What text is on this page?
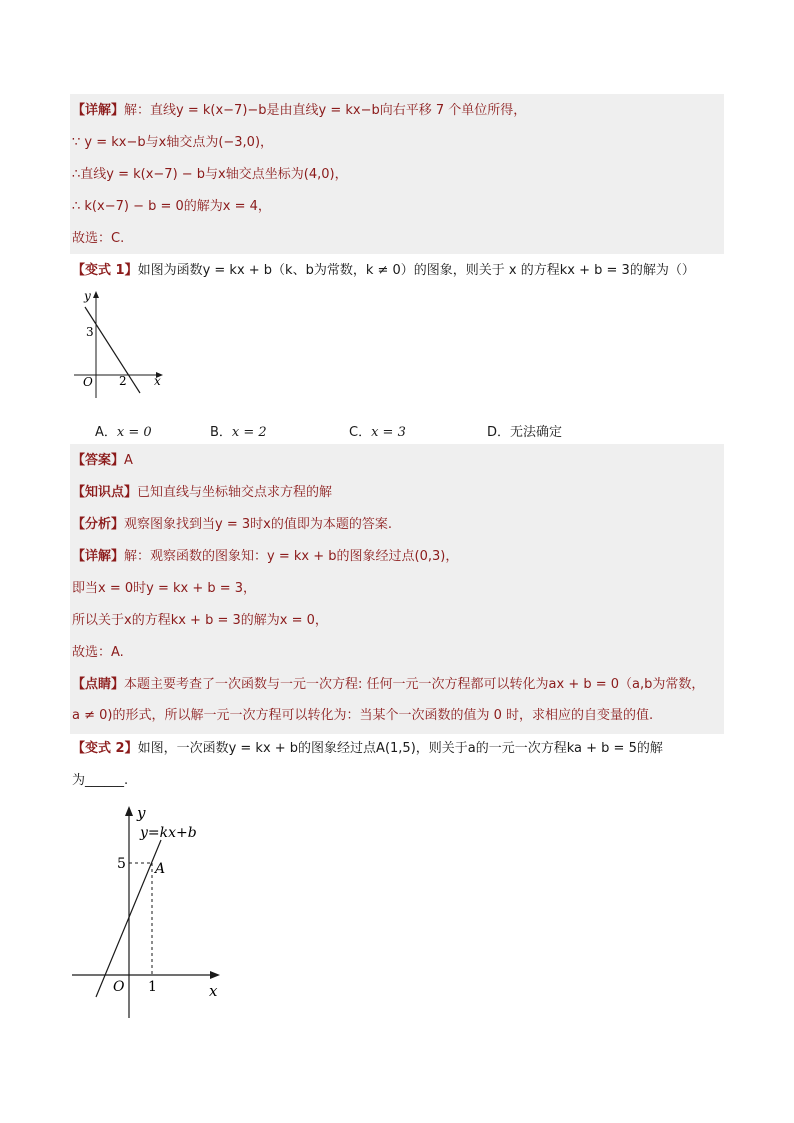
【详解】解：直线y = k(x−7)−b是由直线y = kx−b向右平移 7 个单位所得，
∵ y = kx−b与x轴交点为(−3,0)，
∴直线y = k(x−7) − b与x轴交点坐标为(4,0)，
∴ k(x−7) − b = 0的解为x = 4，
故选：C.
【变式 1】如图为函数y = kx + b（k、b为常数，k ≠ 0）的图象，则关于 x 的方程kx + b = 3的解为（）
y
x
O
3
2
A．x = 0	B．x = 2	C．x = 3	D．无法确定
【答案】A
【知识点】已知直线与坐标轴交点求方程的解
【分析】观察图象找到当y = 3时x的值即为本题的答案.
【详解】解：观察函数的图象知：y = kx + b的图象经过点(0,3)，
即当x = 0时y = kx + b = 3，
所以关于x的方程kx + b = 3的解为x = 0，
故选：A.
【点睛】本题主要考查了一次函数与一元一次方程: 任何一元一次方程都可以转化为ax + b = 0（a,b为常数，
a ≠ 0)的形式，所以解一元一次方程可以转化为：当某个一次函数的值为 0 时，求相应的自变量的值.
【变式 2】如图，一次函数y = kx + b的图象经过点A(1,5)，则关于a的一元一次方程ka + b = 5的解
为______.
y
x
O
y=kx+b
A
5
1
